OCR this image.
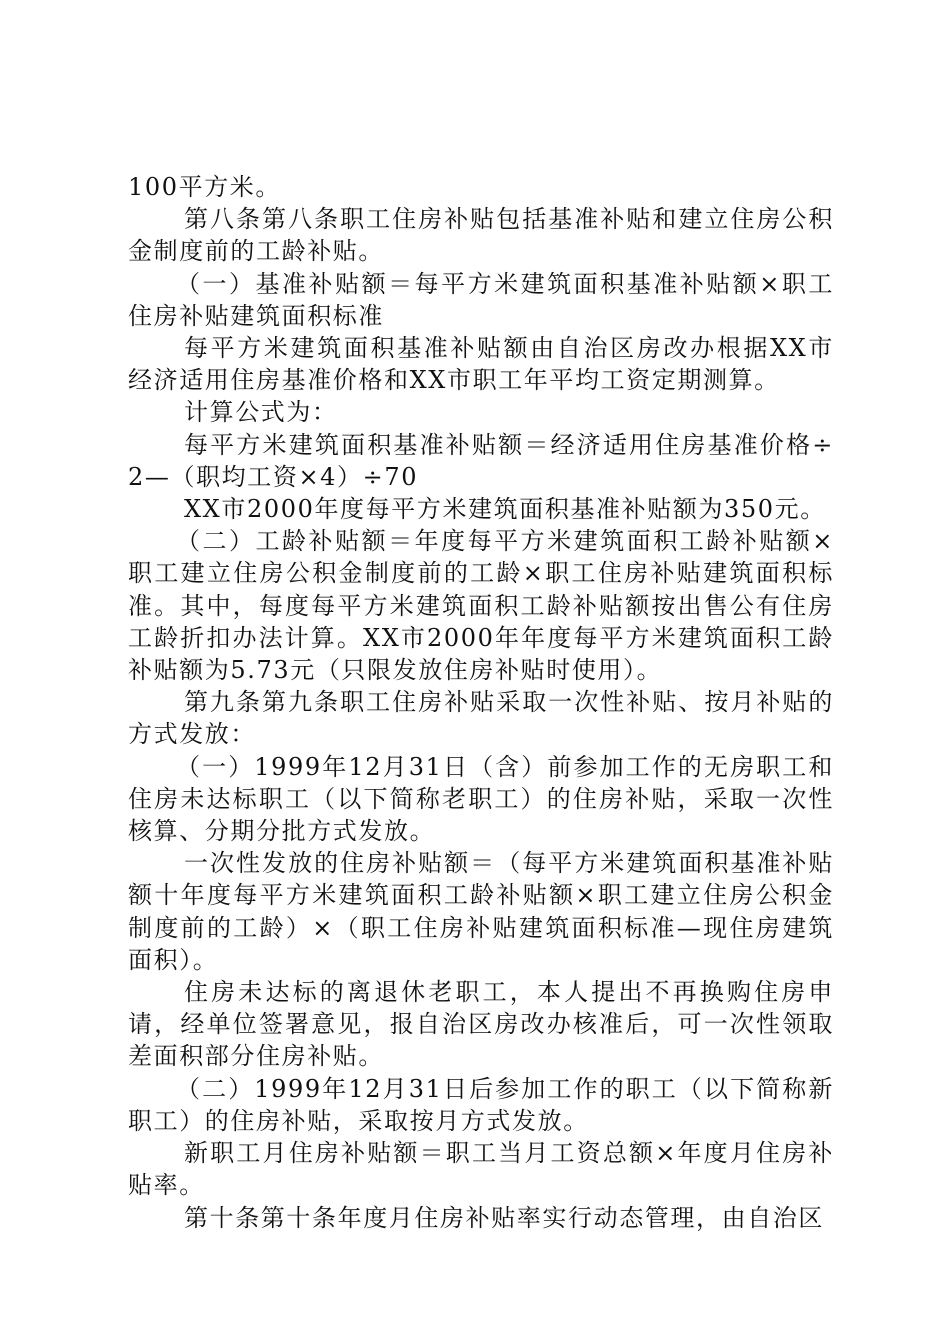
100平方米。

第八条第八条职工住房补贴包括基准补贴和建立住房公积金制度前的工龄补贴。

（一）基准补贴额＝每平方米建筑面积基准补贴额×职工住房补贴建筑面积标准

每平方米建筑面积基准补贴额由自治区房改办根据XX市经济适用住房基准价格和XX市职工年平均工资定期测算。

计算公式为：

每平方米建筑面积基准补贴额＝经济适用住房基准价格÷2—（职均工资×4）÷70

XX市2000年度每平方米建筑面积基准补贴额为350元。

（二）工龄补贴额＝年度每平方米建筑面积工龄补贴额×职工建立住房公积金制度前的工龄×职工住房补贴建筑面积标准。其中，每度每平方米建筑面积工龄补贴额按出售公有住房工龄折扣办法计算。XX市2000年年度每平方米建筑面积工龄补贴额为5.73元（只限发放住房补贴时使用）。

第九条第九条职工住房补贴采取一次性补贴、按月补贴的方式发放：

（一）1999年12月31日（含）前参加工作的无房职工和住房未达标职工（以下简称老职工）的住房补贴，采取一次性核算、分期分批方式发放。

一次性发放的住房补贴额＝（每平方米建筑面积基准补贴额十年度每平方米建筑面积工龄补贴额×职工建立住房公积金制度前的工龄）×（职工住房补贴建筑面积标准—现住房建筑面积）。

住房未达标的离退休老职工，本人提出不再换购住房申请，经单位签署意见，报自治区房改办核准后，可一次性领取差面积部分住房补贴。

（二）1999年12月31日后参加工作的职工（以下简称新职工）的住房补贴，采取按月方式发放。

新职工月住房补贴额＝职工当月工资总额×年度月住房补贴率。

第十条第十条年度月住房补贴率实行动态管理，由自治区
